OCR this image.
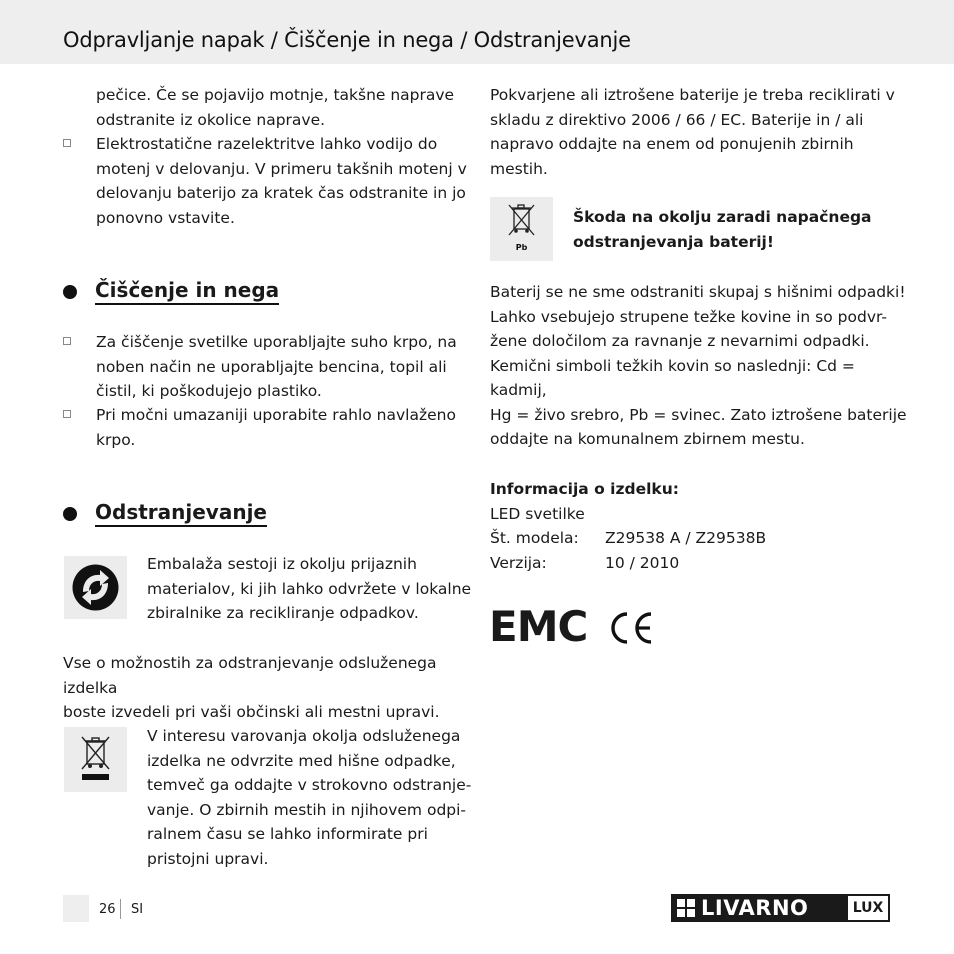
Odpravljanje napak / Čiščenje in nega / Odstranjevanje
pečice. Če se pojavijo motnje, takšne naprave
odstranite iz okolice naprave.
Elektrostatične razelektritve lahko vodijo do
motenj v delovanju. V primeru takšnih motenj v
delovanju baterijo za kratek čas odstranite in jo
ponovno vstavite.
Čiščenje in nega
Za čiščenje svetilke uporabljajte suho krpo, na
noben način ne uporabljajte bencina, topil ali
čistil, ki poškodujejo plastiko.
Pri močni umazaniji uporabite rahlo navlaženo
krpo.
Odstranjevanje
Embalaža sestoji iz okolju prijaznih
materialov, ki jih lahko odvržete v lokalne
zbiralnike za recikliranje odpadkov.
Vse o možnostih za odstranjevanje odsluženega izdelka
boste izvedeli pri vaši občinski ali mestni upravi.
V interesu varovanja okolja odsluženega
izdelka ne odvrzite med hišne odpadke,
temveč ga oddajte v strokovno odstranje-
vanje. O zbirnih mestih in njihovem odpi-
ralnem času se lahko informirate pri
pristojni upravi.
Pokvarjene ali iztrošene baterije je treba reciklirati v
skladu z direktivo 2006 / 66 / EC. Baterije in / ali
napravo oddajte na enem od ponujenih zbirnih
mestih.
Pb
Škoda na okolju zaradi napačnega
odstranjevanja baterij!
Baterij se ne sme odstraniti skupaj s hišnimi odpadki!
Lahko vsebujejo strupene težke kovine in so podvr-
žene določilom za ravnanje z nevarnimi odpadki.
Kemični simboli težkih kovin so naslednji: Cd = kadmij,
Hg = živo srebro, Pb = svinec. Zato iztrošene baterije
oddajte na komunalnem zbirnem mestu.
Informacija o izdelku:
LED svetilke
Št. modela:	Z29538 A / Z29538B
Verzija:	10 / 2010
EMC
26 SI	LIVARNO	LUX
